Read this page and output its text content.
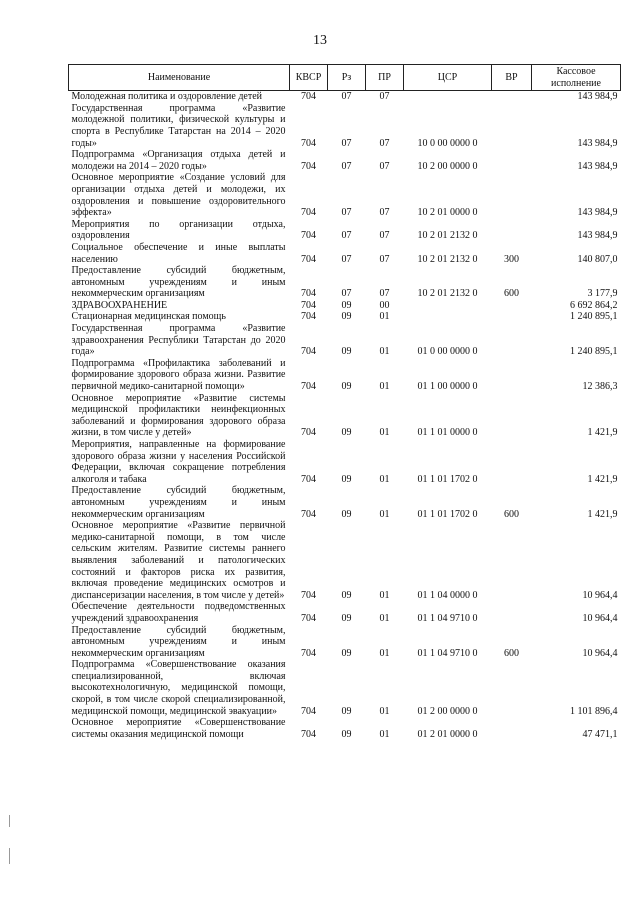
13
Наименование	КВСР	Рз	ПР	ЦСР	ВР	Кассовое исполнение
Молодежная политика и оздоровление детей	704	07	07			143 984,9
Государственная программа «Развитие молодежной политики, физической культуры и спорта в Республике Татарстан на 2014 – 2020 годы»	704	07	07	10 0 00 0000 0		143 984,9
Подпрограмма «Организация отдыха детей и молодежи на 2014 – 2020 годы»	704	07	07	10 2 00 0000 0		143 984,9
Основное мероприятие «Создание условий для организации отдыха детей и молодежи, их оздоровления и повышение оздоровительного эффекта»	704	07	07	10 2 01 0000 0		143 984,9
Мероприятия по организации отдыха, оздоровления	704	07	07	10 2 01 2132 0		143 984,9
Социальное обеспечение и иные выплаты населению	704	07	07	10 2 01 2132 0	300	140 807,0
Предоставление субсидий бюджетным, автономным учреждениям и иным некоммерческим организациям	704	07	07	10 2 01 2132 0	600	3 177,9
ЗДРАВООХРАНЕНИЕ	704	09	00			6 692 864,2
Стационарная медицинская помощь	704	09	01			1 240 895,1
Государственная программа «Развитие здравоохранения Республики Татарстан до 2020 года»	704	09	01	01 0 00 0000 0		1 240 895,1
Подпрограмма «Профилактика заболеваний и формирование здорового образа жизни. Развитие первичной медико-санитарной помощи»	704	09	01	01 1 00 0000 0		12 386,3
Основное мероприятие «Развитие системы медицинской профилактики неинфекционных заболеваний и формирования здорового образа жизни, в том числе у детей»	704	09	01	01 1 01 0000 0		1 421,9
Мероприятия, направленные на формирование здорового образа жизни у населения Российской Федерации, включая сокращение потребления алкоголя и табака	704	09	01	01 1 01 1702 0		1 421,9
Предоставление субсидий бюджетным, автономным учреждениям и иным некоммерческим организациям	704	09	01	01 1 01 1702 0	600	1 421,9
Основное мероприятие «Развитие первичной медико-санитарной помощи, в том числе сельским жителям. Развитие системы раннего выявления заболеваний и патологических состояний и факторов риска их развития, включая проведение медицинских осмотров и диспансеризации населения, в том числе у детей»	704	09	01	01 1 04 0000 0		10 964,4
Обеспечение деятельности подведомственных учреждений здравоохранения	704	09	01	01 1 04 9710 0		10 964,4
Предоставление субсидий бюджетным, автономным учреждениям и иным некоммерческим организациям	704	09	01	01 1 04 9710 0	600	10 964,4
Подпрограмма «Совершенствование оказания специализированной, включая высокотехнологичную, медицинской помощи, скорой, в том числе скорой специализированной, медицинской помощи, медицинской эвакуации»	704	09	01	01 2 00 0000 0		1 101 896,4
Основное мероприятие «Совершенствование системы оказания медицинской помощи	704	09	01	01 2 01 0000 0		47 471,1
